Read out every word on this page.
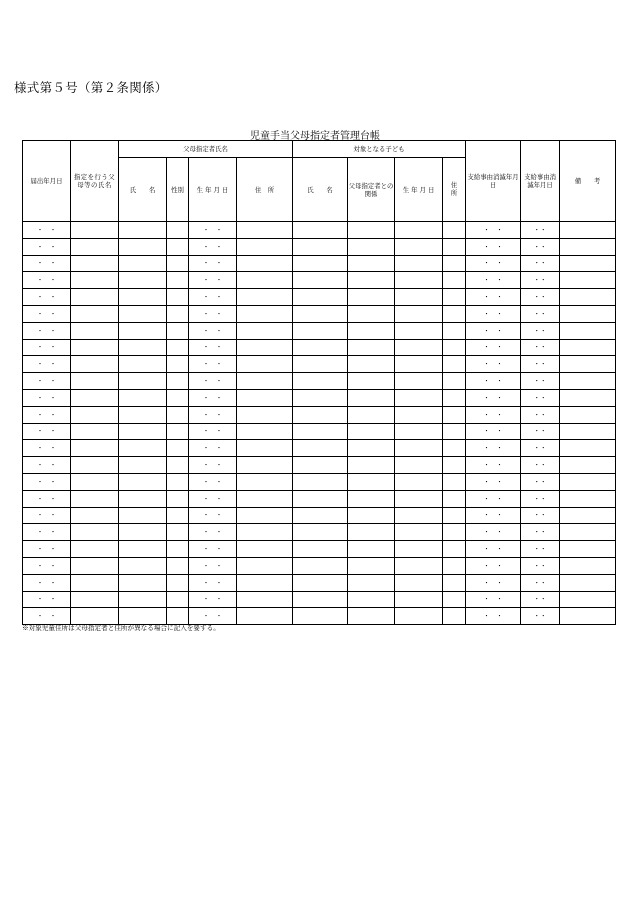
様式第５号（第２条関係）
児童手当父母指定者管理台帳
届出年月日	指定を行う父母等の氏名	父母指定者氏名				対象となる子ども				支給事由消滅年月日	支給事由消滅年月日	備　　考
		氏　　名	性別	生 年 月 日	住　所	氏　　名	父母指定者との関係	生 年 月 日	住所			
・　・				・　・						・　・	・・	
・　・				・　・						・　・	・・	
・　・				・　・						・　・	・・	
・　・				・　・						・　・	・・	
・　・				・　・						・　・	・・	
・　・				・　・						・　・	・・	
・　・				・　・						・　・	・・	
・　・				・　・						・　・	・・	
・　・				・　・						・　・	・・	
・　・				・　・						・　・	・・	
・　・				・　・						・　・	・・	
・　・				・　・						・　・	・・	
・　・				・　・						・　・	・・	
・　・				・　・						・　・	・・	
・　・				・　・						・　・	・・	
・　・				・　・						・　・	・・	
・　・				・　・						・　・	・・	
・　・				・　・						・　・	・・	
・　・				・　・						・　・	・・	
・　・				・　・						・　・	・・	
・　・				・　・						・　・	・・	
・　・				・　・						・　・	・・	
・　・				・　・						・　・	・・	
・　・				・　・						・　・	・・	
※対象児童住所は父母指定者と住所が異なる場合に記入を要する。
